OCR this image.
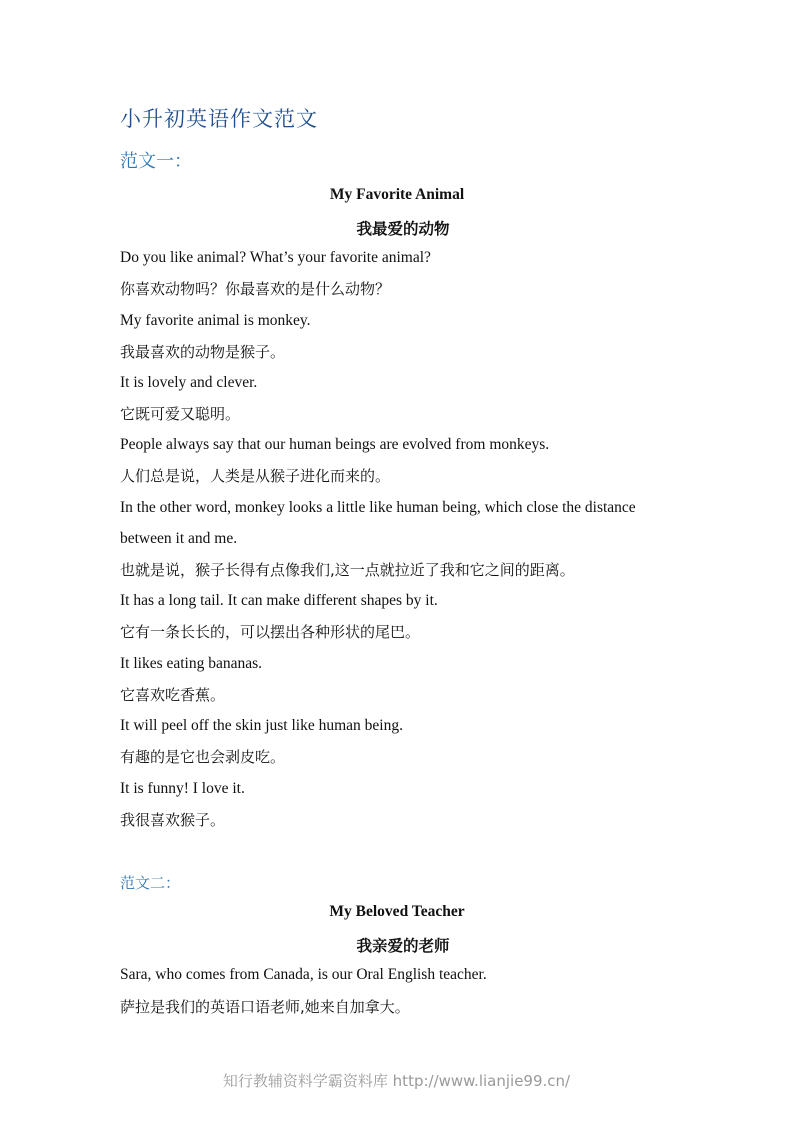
小升初英语作文范文
范文一：
My Favorite Animal
我最爱的动物
Do you like animal? What’s your favorite animal?
你喜欢动物吗？你最喜欢的是什么动物？
My favorite animal is monkey.
我最喜欢的动物是猴子。
It is lovely and clever.
它既可爱又聪明。
People always say that our human beings are evolved from monkeys.
人们总是说，人类是从猴子进化而来的。
In the other word, monkey looks a little like human being, which close the distance
between it and me.
也就是说，猴子长得有点像我们,这一点就拉近了我和它之间的距离。
It has a long tail. It can make different shapes by it.
它有一条长长的，可以摆出各种形状的尾巴。
It likes eating bananas.
它喜欢吃香蕉。
It will peel off the skin just like human being.
有趣的是它也会剥皮吃。
It is funny! I love it.
我很喜欢猴子。
范文二：
My Beloved Teacher
我亲爱的老师
Sara, who comes from Canada, is our Oral English teacher.
萨拉是我们的英语口语老师,她来自加拿大。
知行教辅资料学霸资料库 http://www.lianjie99.cn/
